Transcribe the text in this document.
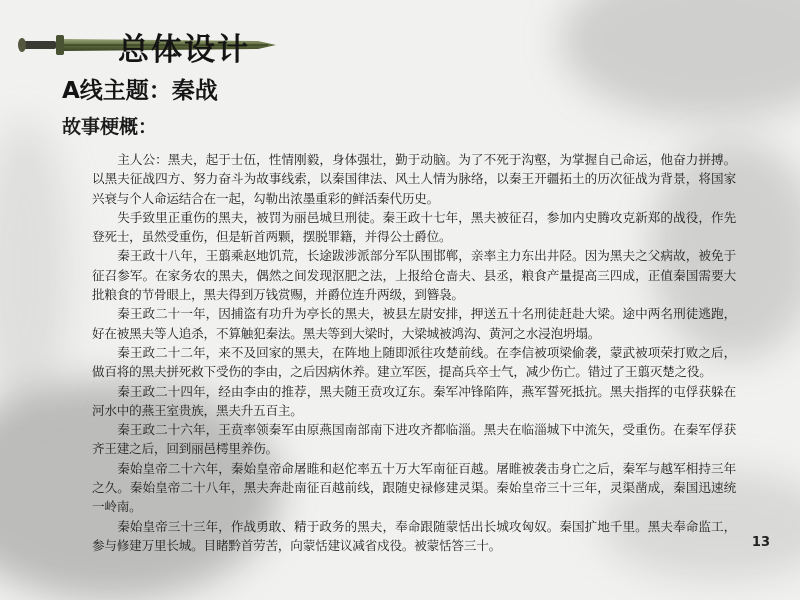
总体设计
A线主题：秦战
故事梗概：

主人公：黑夫，起于士伍，性情刚毅，身体强壮，勤于动脑。为了不死于沟壑，为掌握自己命运，他奋力拼搏。以黑夫征战四方、努力奋斗为故事线索，以秦国律法、风土人情为脉络，以秦王开疆拓土的历次征战为背景，将国家兴衰与个人命运结合在一起，勾勒出浓墨重彩的鲜活秦代历史。

失手致里正重伤的黑夫，被罚为丽邑城旦刑徒。秦王政十七年，黑夫被征召，参加内史腾攻克新郑的战役，作先登死士，虽然受重伤，但是斩首两颗，摆脱罪籍，并得公士爵位。

秦王政十八年，王翦乘赵地饥荒，长途跋涉派部分军队围邯郸，亲率主力东出井陉。因为黑夫之父病故，被免于征召参军。在家务农的黑夫，偶然之间发现沤肥之法，上报给仓啬夫、县丞，粮食产量提高三四成，正值秦国需要大批粮食的节骨眼上，黑夫得到万钱赏赐，并爵位连升两级，到簪袅。

秦王政二十一年，因捕盗有功升为亭长的黑夫，被县左尉安排，押送五十名刑徒赶赴大梁。途中两名刑徒逃跑，好在被黑夫等人追杀，不算触犯秦法。黑夫等到大梁时，大梁城被鸿沟、黄河之水浸泡坍塌。

秦王政二十二年，来不及回家的黑夫，在阵地上随即派往攻楚前线。在李信被项梁偷袭，蒙武被项荣打败之后，做百将的黑夫拼死救下受伤的李由，之后因病休养。建立军医，提高兵卒士气，减少伤亡。错过了王翦灭楚之役。

秦王政二十四年，经由李由的推荐，黑夫随王贲攻辽东。秦军冲锋陷阵，燕军誓死抵抗。黑夫指挥的屯俘获躲在河水中的燕王室贵族，黑夫升五百主。

秦王政二十六年，王贲率领秦军由原燕国南部南下进攻齐都临淄。黑夫在临淄城下中流矢，受重伤。在秦军俘获齐王建之后，回到丽邑樗里养伤。

秦始皇帝二十六年，秦始皇帝命屠睢和赵佗率五十万大军南征百越。屠睢被袭击身亡之后，秦军与越军相持三年之久。秦始皇帝二十八年，黑夫奔赴南征百越前线，跟随史禄修建灵渠。秦始皇帝三十三年，灵渠凿成，秦国迅速统一岭南。

秦始皇帝三十三年，作战勇敢、精于政务的黑夫，奉命跟随蒙恬出长城攻匈奴。秦国扩地千里。黑夫奉命监工，参与修建万里长城。目睹黔首劳苦，向蒙恬建议减省戍役。被蒙恬答三十。	13
